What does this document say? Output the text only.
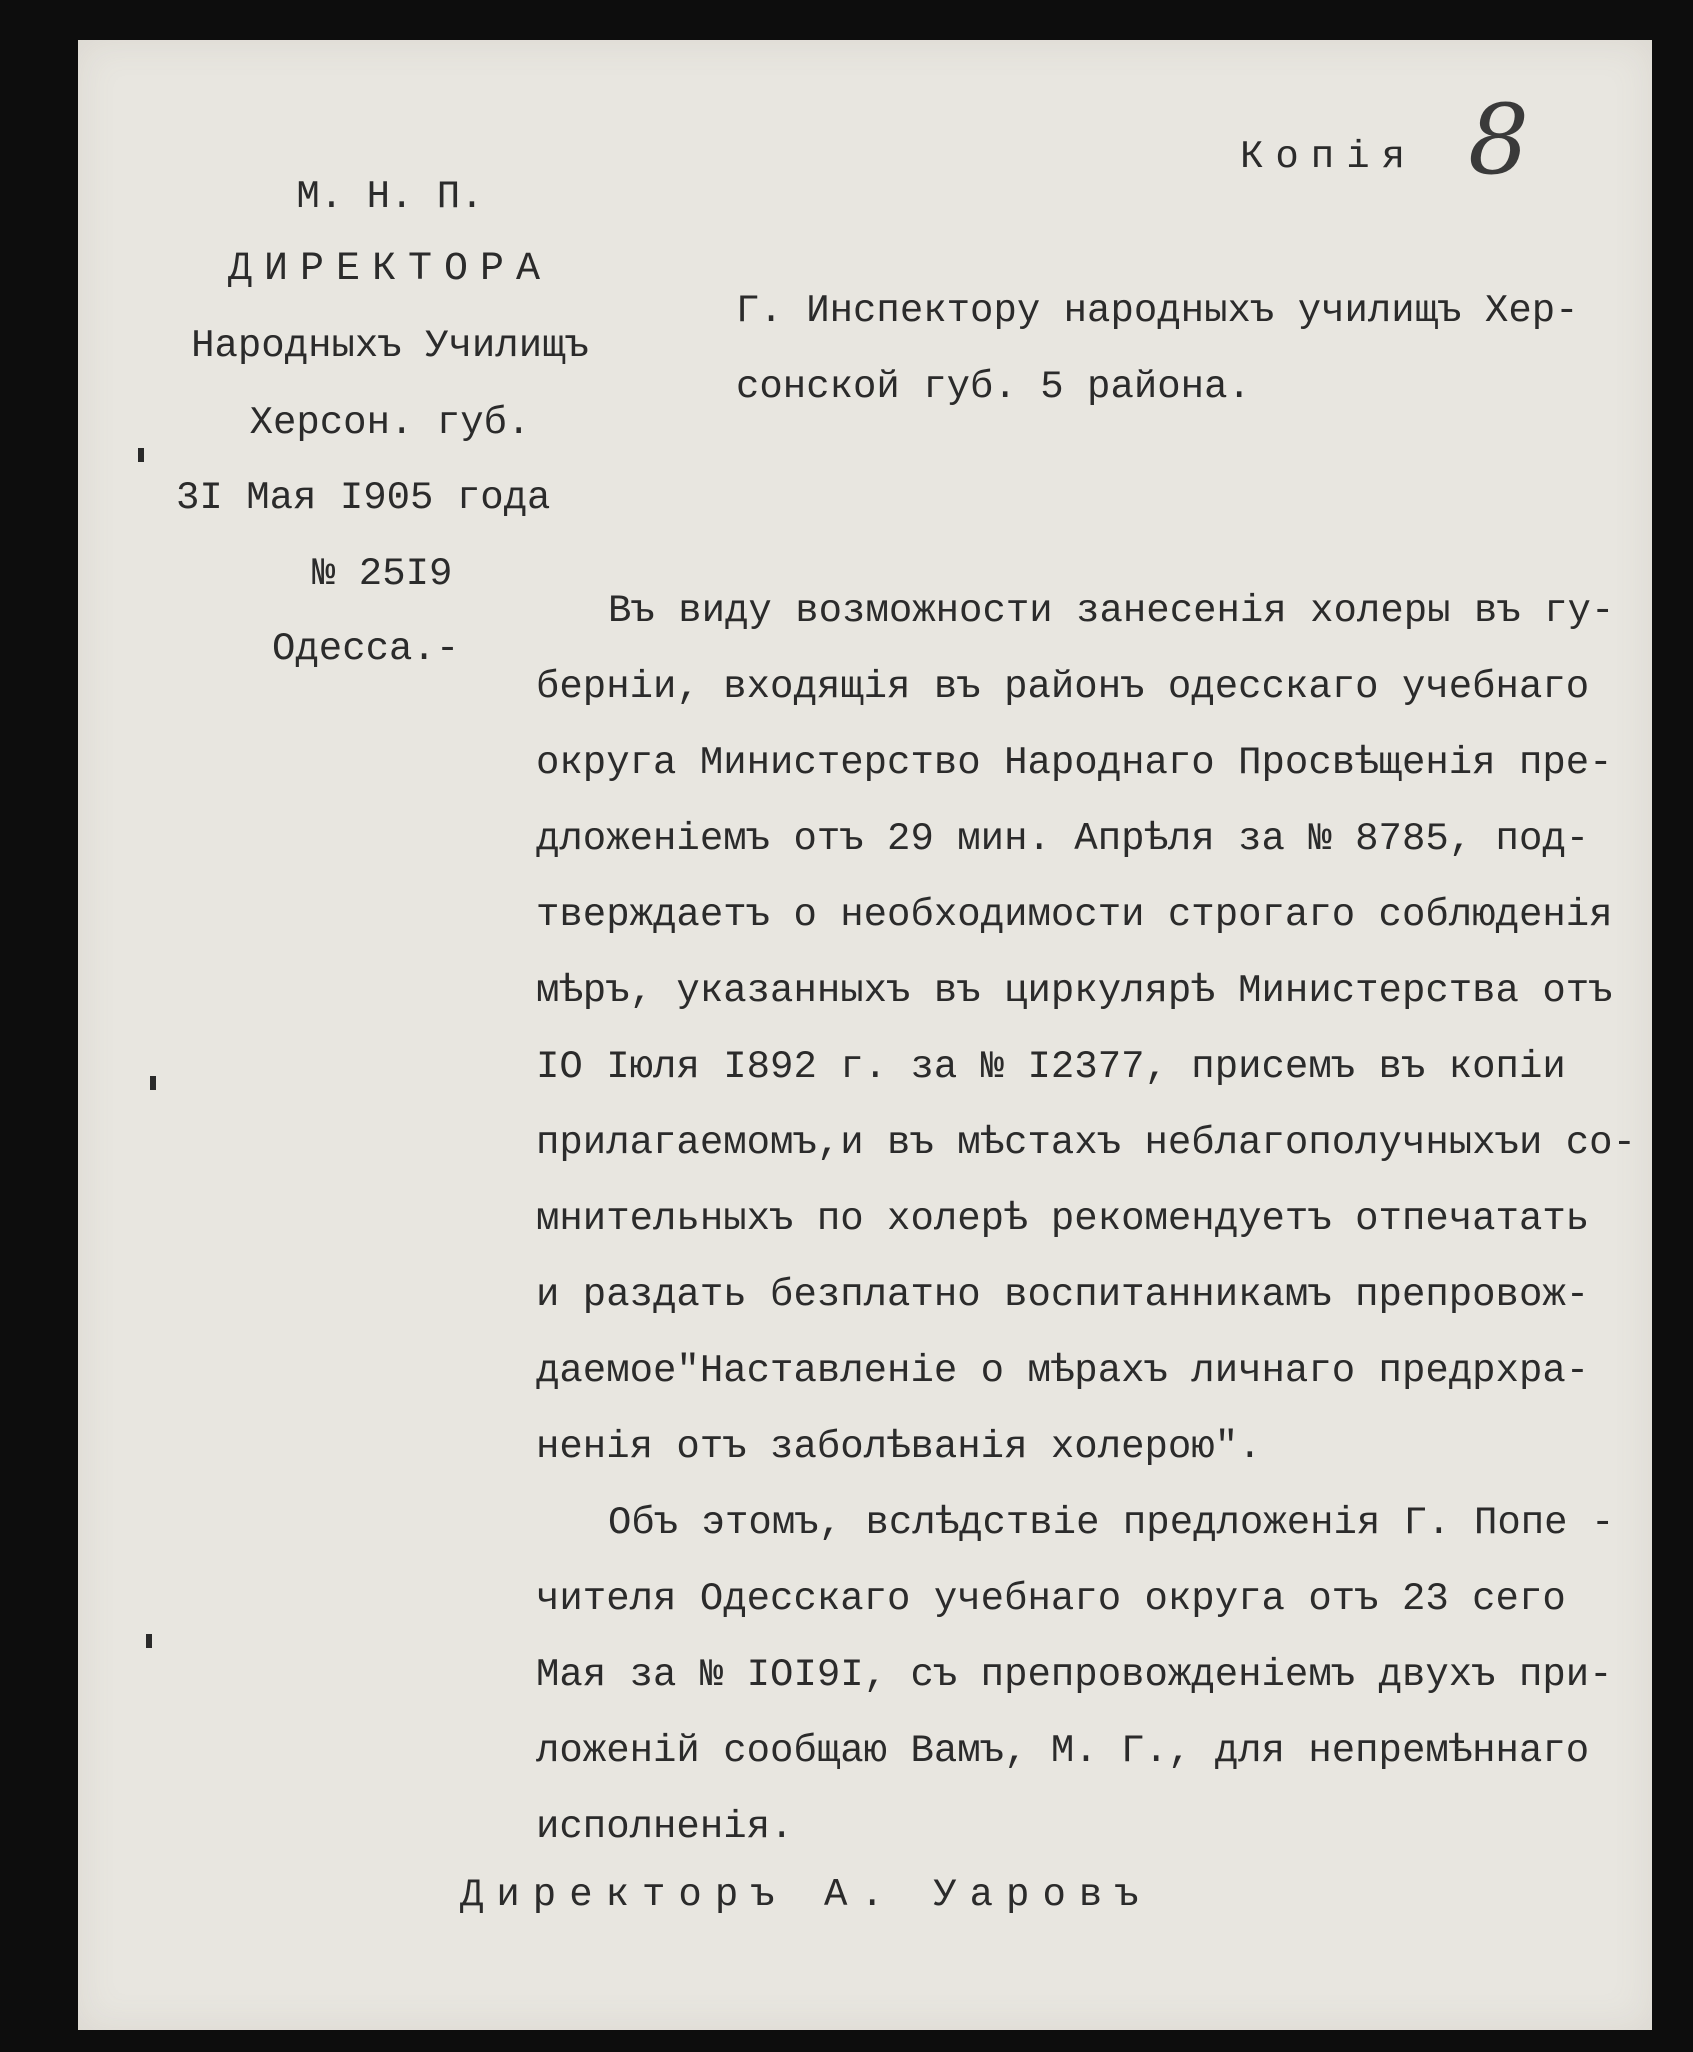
Копія 8
М. Н. П.
ДИРЕКТОРА
Народныхъ Училищъ
Херсон. губ.
3I Мая I905 года
№ 25I9
Одесса.-
Г. Инспектору народныхъ училищъ Хер-
сонской губ. 5 района.
Въ виду возможности занесенія холеры въ гу-
берніи, входящія въ районъ одесскаго учебнаго
округа Министерство Народнаго Просвѣщенія пре-
дложеніемъ отъ 29 мин. Апрѣля за № 8785, под-
тверждаетъ о необходимости строгаго соблюденія
мѣръ, указанныхъ въ циркулярѣ Министерства отъ
IO Іюля I892 г. за № I2377, присемъ въ копіи
прилагаемомъ,и въ мѣстахъ неблагополучныхъи со-
мнительныхъ по холерѣ рекомендуетъ отпечатать
и раздать безплатно воспитанникамъ препровож-
даемое"Наставленіе о мѣрахъ личнаго предрхра-
ненія отъ заболѣванія холерою".
Объ этомъ, вслѣдствіе предложенія Г. Попе -
чителя Одесскаго учебнаго округа отъ 23 сего
Мая за № IOI9I, съ препровожденіемъ двухъ при-
ложеній сообщаю Вамъ, М. Г., для непремѣннаго
исполненія.
Директоръ А. Уаровъ
